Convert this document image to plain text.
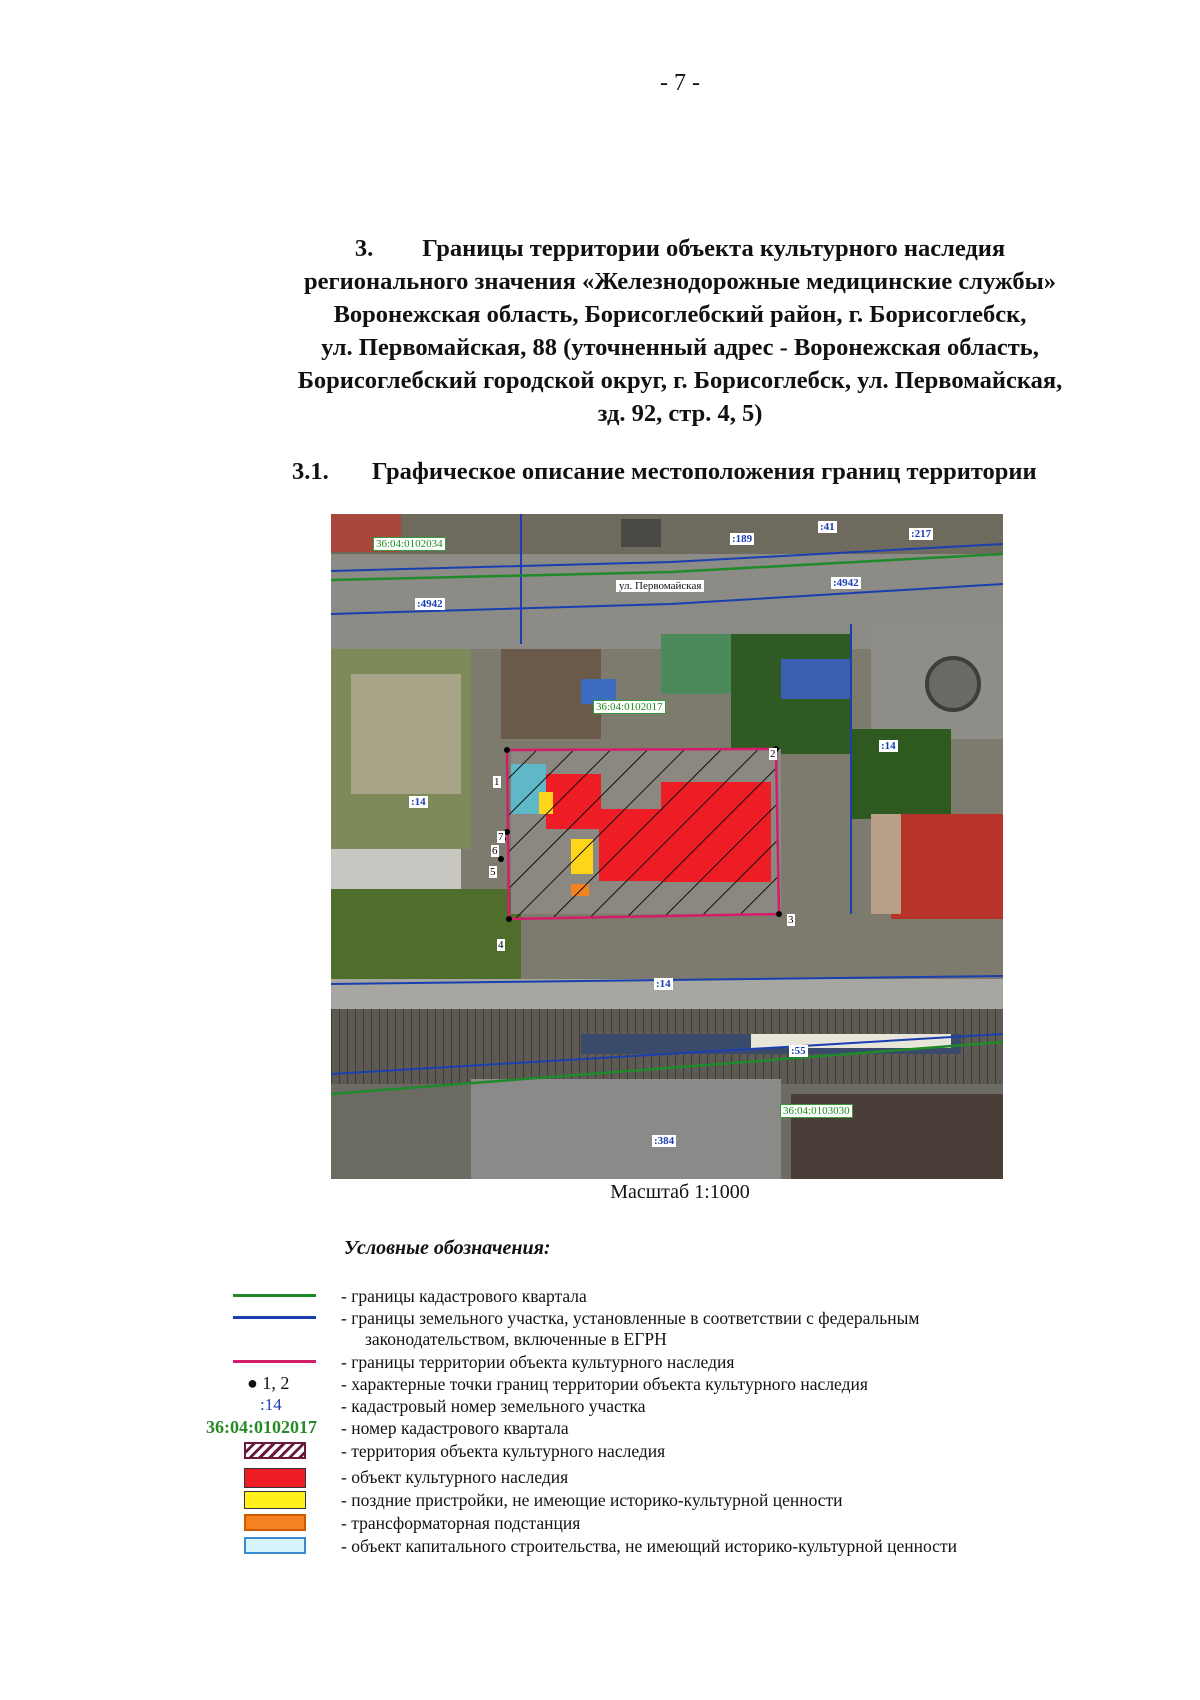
- 7 -
3.  Границы территории объекта культурного наследия
регионального значения «Железнодорожные медицинские службы»
Воронежская область, Борисоглебский район, г. Борисоглебск,
ул. Первомайская, 88 (уточненный адрес - Воронежская область,
Борисоглебский городской округ, г. Борисоглебск, ул. Первомайская,
зд. 92, стр. 4, 5)
3.1. Графическое описание местоположения границ территории
ул. Первомайская
36:04:0102034
36:04:0102017
36:04:0103030
:189
:41
:217
:4942
:4942
:14
:14
:14
:55
:384
1
2
3
4
5
6
7
Масштаб 1:1000
Условные обозначения:
- границы кадастрового квартала
- границы земельного участка, установленные в соответствии с федеральным
законодательством, включенные в ЕГРН
- границы территории объекта культурного наследия
● 1, 2	- характерные точки границ территории объекта культурного наследия
:14	- кадастровый номер земельного участка
36:04:0102017 - номер кадастрового квартала
- территория объекта культурного наследия
- объект культурного наследия
- поздние пристройки, не имеющие историко-культурной ценности
- трансформаторная подстанция
- объект капитального строительства, не имеющий историко-культурной ценности
